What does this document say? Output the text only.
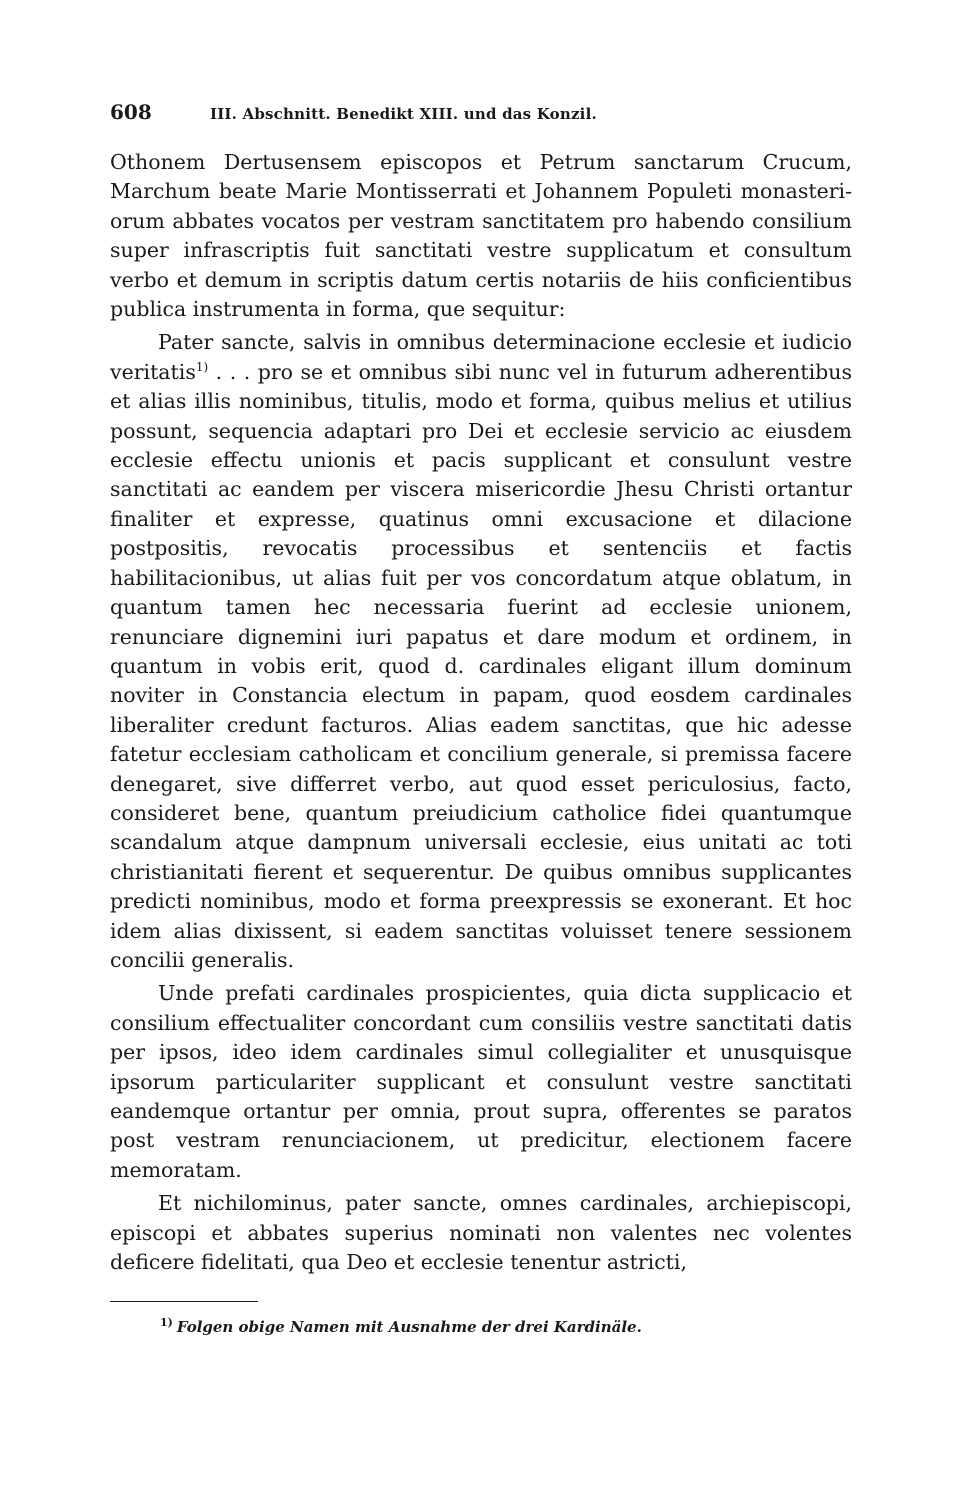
608	III. Abschnitt. Benedikt XIII. und das Konzil.

Othonem Dertusensem episcopos et Petrum sanctarum Crucum, Marchum beate Marie Montisserrati et Johannem Populeti monasteriorum abbates vocatos per vestram sanctitatem pro habendo consilium super infrascriptis fuit sanctitati vestre supplicatum et consultum verbo et demum in scriptis datum certis notariis de hiis conficientibus publica instrumenta in forma, que sequitur:

Pater sancte, salvis in omnibus determinacione ecclesie et iudicio veritatis$^{1)}$ . . . pro se et omnibus sibi nunc vel in futurum adherentibus et alias illis nominibus, titulis, modo et forma, quibus melius et utilius possunt, sequencia adaptari pro Dei et ecclesie servicio ac eiusdem ecclesie effectu unionis et pacis supplicant et consulunt vestre sanctitati ac eandem per viscera misericordie Jhesu Christi ortantur finaliter et expresse, quatinus omni excusacione et dilacione postpositis, revocatis processibus et sentenciis et factis habilitacionibus, ut alias fuit per vos concordatum atque oblatum, in quantum tamen hec necessaria fuerint ad ecclesie unionem, renunciare dignemini iuri papatus et dare modum et ordinem, in quantum in vobis erit, quod d. cardinales eligant illum dominum noviter in Constancia electum in papam, quod eosdem cardinales liberaliter credunt facturos. Alias eadem sanctitas, que hic adesse fatetur ecclesiam catholicam et concilium generale, si premissa facere denegaret, sive differret verbo, aut quod esset periculosius, facto, consideret bene, quantum preiudicium catholice fidei quantumque scandalum atque dampnum universali ecclesie, eius unitati ac toti christianitati fierent et sequerentur. De quibus omnibus supplicantes predicti nominibus, modo et forma preexpressis se exonerant. Et hoc idem alias dixissent, si eadem sanctitas voluisset tenere sessionem concilii generalis.

Unde prefati cardinales prospicientes, quia dicta supplicacio et consilium effectualiter concordant cum consiliis vestre sanctitati datis per ipsos, ideo idem cardinales simul collegialiter et unusquisque ipsorum particulariter supplicant et consulunt vestre sanctitati eandemque ortantur per omnia, prout supra, offerentes se paratos post vestram renunciacionem, ut predicitur, electionem facere memoratam.

Et nichilominus, pater sancte, omnes cardinales, archiepiscopi, episcopi et abbates superius nominati non valentes nec volentes deficere fidelitati, qua Deo et ecclesie tenentur astricti,

$^{1)}$ Folgen obige Namen mit Ausnahme der drei Kardinäle.
